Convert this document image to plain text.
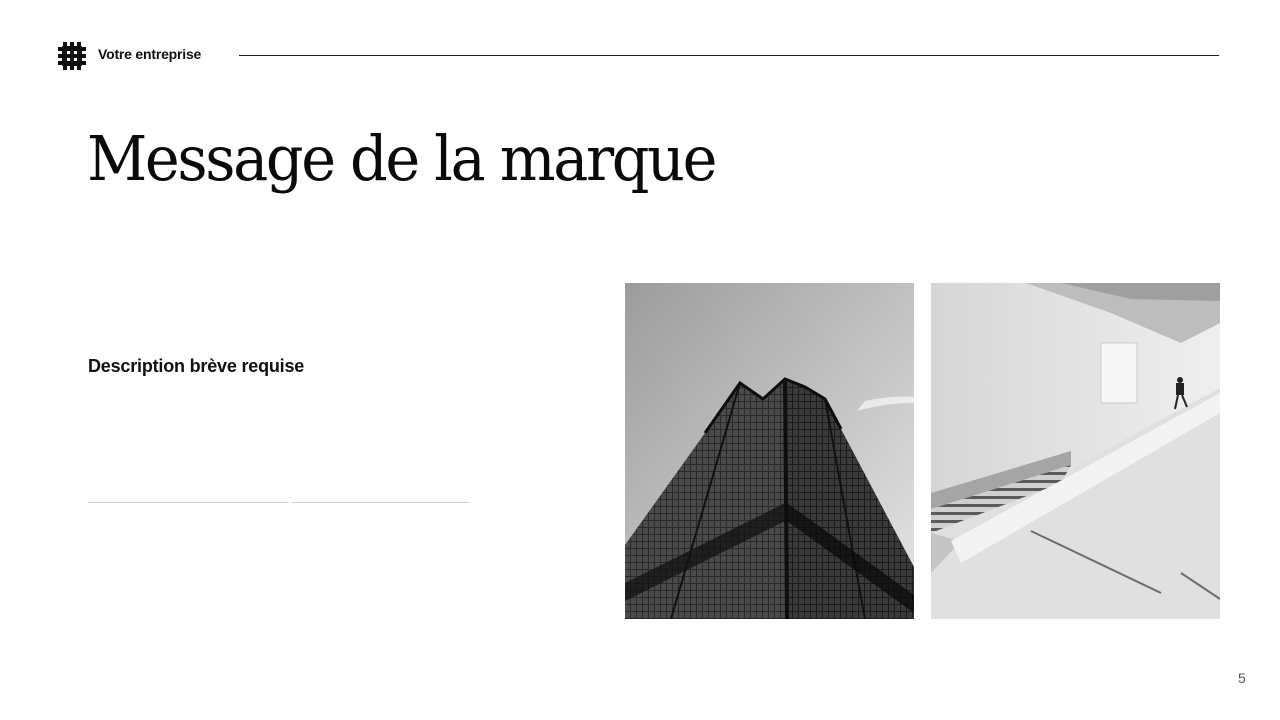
Votre entreprise
Message de la marque
Description brève requise
5
